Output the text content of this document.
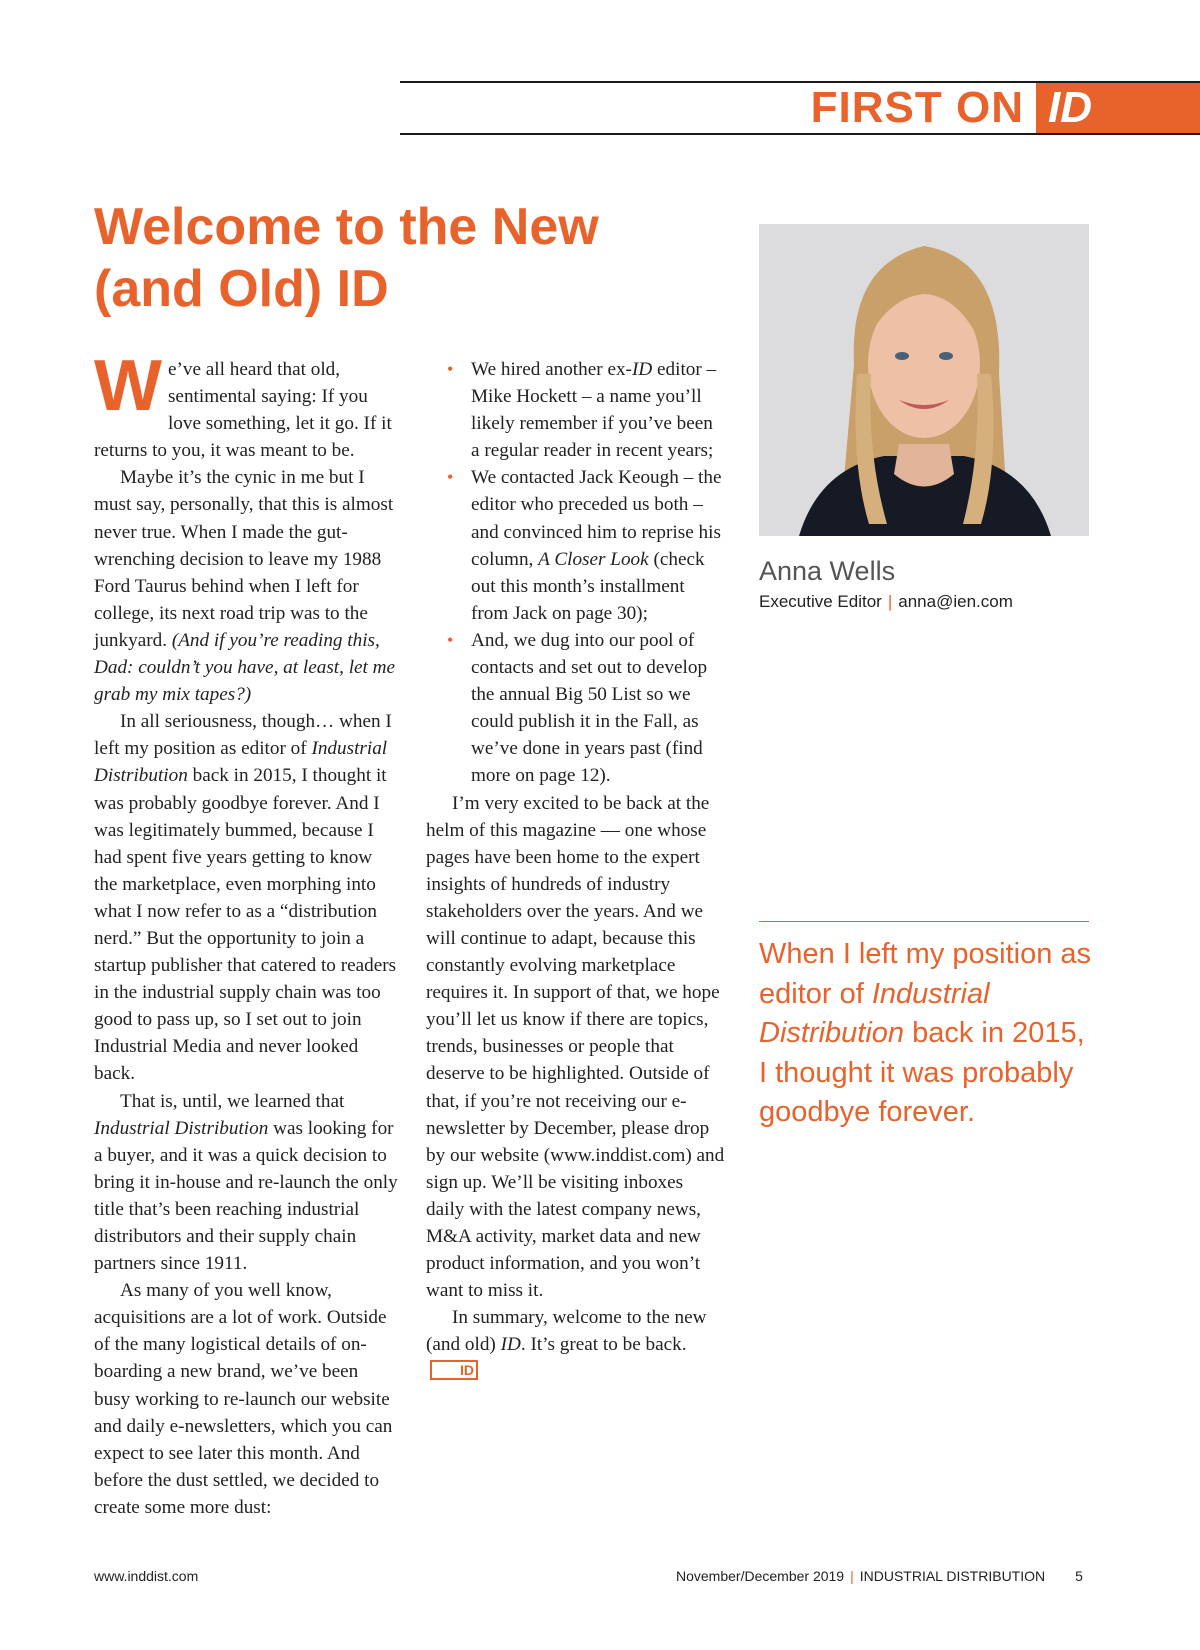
FIRST ON ID
Welcome to the New
(and Old) ID

We’ve all heard that old, sentimental saying: If you love something, let it go. If it returns to you, it was meant to be.

Maybe it’s the cynic in me but I must say, personally, that this is almost never true. When I made the gut-wrenching decision to leave my 1988 Ford Taurus behind when I left for college, its next road trip was to the junkyard. (And if you’re reading this, Dad: couldn’t you have, at least, let me grab my mix tapes?)

In all seriousness, though… when I left my position as editor of Industrial Distribution back in 2015, I thought it was probably goodbye forever. And I was legitimately bummed, because I had spent five years getting to know the marketplace, even morphing into what I now refer to as a “distribution nerd.” But the opportunity to join a startup publisher that catered to readers in the industrial supply chain was too good to pass up, so I set out to join Industrial Media and never looked back.

That is, until, we learned that Industrial Distribution was looking for a buyer, and it was a quick decision to bring it in-house and re-launch the only title that’s been reaching industrial distributors and their supply chain partners since 1911.

As many of you well know, acquisitions are a lot of work. Outside of the many logistical details of on-boarding a new brand, we’ve been busy working to re-launch our website and daily e-newsletters, which you can expect to see later this month. And before the dust settled, we decided to create some more dust:

• We hired another ex-ID editor – Mike Hockett – a name you’ll likely remember if you’ve been a regular reader in recent years;
• We contacted Jack Keough – the editor who preceded us both – and convinced him to reprise his column, A Closer Look (check out this month’s installment from Jack on page 30);
• And, we dug into our pool of contacts and set out to develop the annual Big 50 List so we could publish it in the Fall, as we’ve done in years past (find more on page 12).

I’m very excited to be back at the helm of this magazine — one whose pages have been home to the expert insights of hundreds of industry stakeholders over the years. And we will continue to adapt, because this constantly evolving marketplace requires it. In support of that, we hope you’ll let us know if there are topics, trends, businesses or people that deserve to be highlighted. Outside of that, if you’re not receiving our e-newsletter by December, please drop by our website (www.inddist.com) and sign up. We’ll be visiting inboxes daily with the latest company news, M&A activity, market data and new product information, and you won’t want to miss it.

In summary, welcome to the new (and old) ID. It’s great to be back.ID

Anna Wells
Executive Editor | anna@ien.com
When I left my position as editor of Industrial Distribution back in 2015, I thought it was probably goodbye forever.
www.inddist.com	November/December 2019 | INDUSTRIAL DISTRIBUTION 5
